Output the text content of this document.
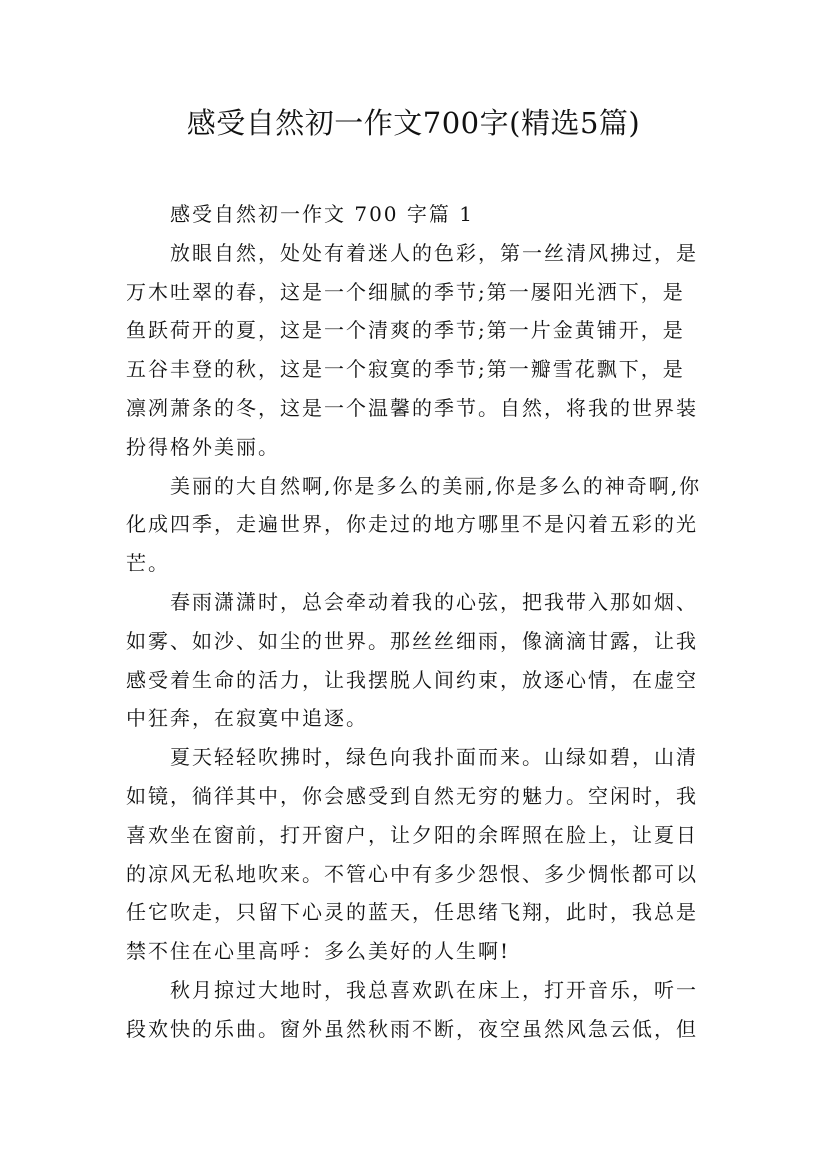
感受自然初一作文700字(精选5篇)

感受自然初一作文 700 字篇 1

放眼自然，处处有着迷人的色彩，第一丝清风拂过，是万木吐翠的春，这是一个细腻的季节;第一屡阳光洒下，是鱼跃荷开的夏，这是一个清爽的季节;第一片金黄铺开，是五谷丰登的秋，这是一个寂寞的季节;第一瓣雪花飘下，是凛冽萧条的冬，这是一个温馨的季节。自然，将我的世界装扮得格外美丽。

美丽的大自然啊,你是多么的美丽,你是多么的神奇啊,你化成四季，走遍世界，你走过的地方哪里不是闪着五彩的光芒。

春雨潇潇时，总会牵动着我的心弦，把我带入那如烟、如雾、如沙、如尘的世界。那丝丝细雨，像滴滴甘露，让我感受着生命的活力，让我摆脱人间约束，放逐心情，在虚空中狂奔，在寂寞中追逐。

夏天轻轻吹拂时，绿色向我扑面而来。山绿如碧，山清如镜，徜徉其中，你会感受到自然无穷的魅力。空闲时，我喜欢坐在窗前，打开窗户，让夕阳的余晖照在脸上，让夏日的凉风无私地吹来。不管心中有多少怨恨、多少惆怅都可以任它吹走，只留下心灵的蓝天，任思绪飞翔，此时，我总是禁不住在心里高呼：多么美好的人生啊!

秋月掠过大地时，我总喜欢趴在床上，打开音乐，听一段欢快的乐曲。窗外虽然秋雨不断，夜空虽然风急云低，但
